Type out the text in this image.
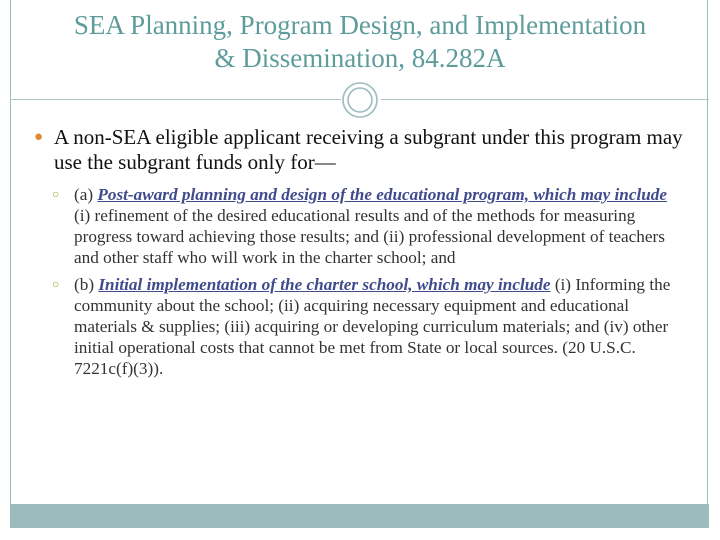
SEA Planning, Program Design, and Implementation
& Dissemination, 84.282A
● A non-SEA eligible applicant receiving a subgrant under this program may use the subgrant funds only for—
○ (a) Post-award planning and design of the educational program, which may include (i) refinement of the desired educational results and of the methods for measuring progress toward achieving those results; and (ii) professional development of teachers and other staff who will work in the charter school; and
○ (b) Initial implementation of the charter school, which may include (i) Informing the community about the school; (ii) acquiring necessary equipment and educational materials & supplies; (iii) acquiring or developing curriculum materials; and (iv) other initial operational costs that cannot be met from State or local sources. (20 U.S.C. 7221c(f)(3)).
